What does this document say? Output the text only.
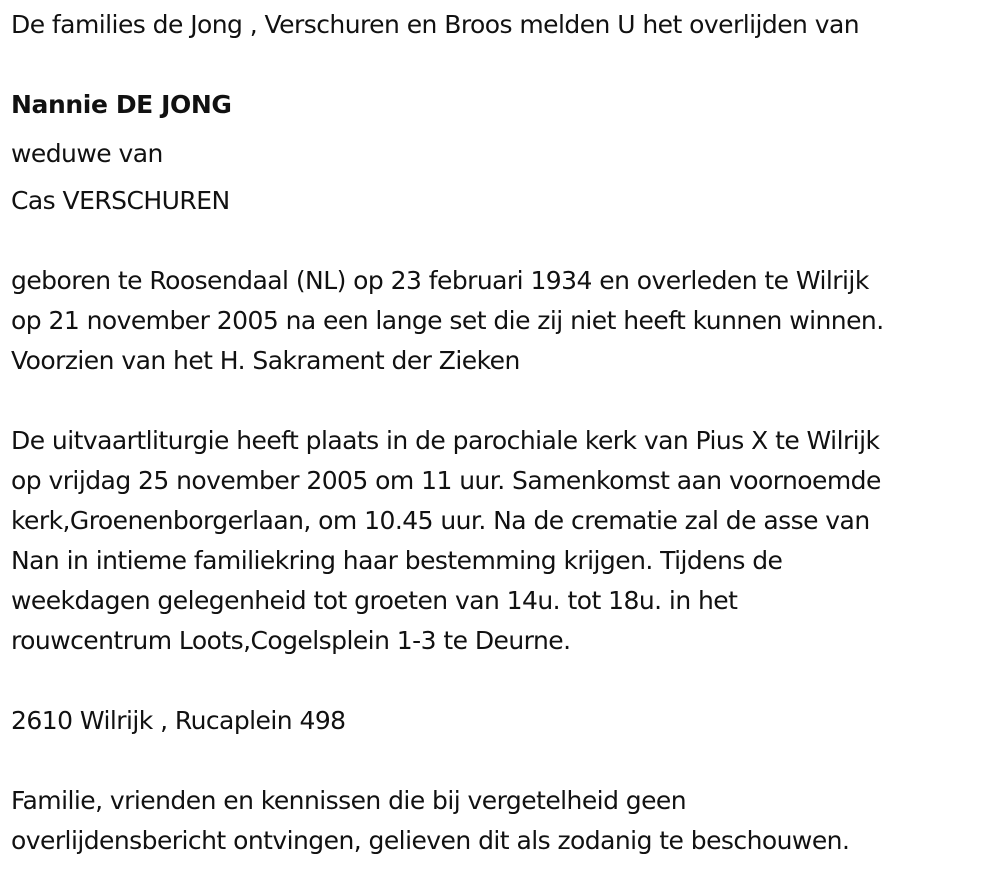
De families de Jong , Verschuren en Broos melden U het overlijden van
Nannie DE JONG
weduwe van
Cas VERSCHUREN
geboren te Roosendaal (NL) op 23 februari 1934 en overleden te Wilrijk
op 21 november 2005 na een lange set die zij niet heeft kunnen winnen.
Voorzien van het H. Sakrament der Zieken
De uitvaartliturgie heeft plaats in de parochiale kerk van Pius X te Wilrijk
op vrijdag 25 november 2005 om 11 uur. Samenkomst aan voornoemde
kerk,Groenenborgerlaan, om 10.45 uur. Na de crematie zal de asse van
Nan in intieme familiekring haar bestemming krijgen. Tijdens de
weekdagen gelegenheid tot groeten van 14u. tot 18u. in het
rouwcentrum Loots,Cogelsplein 1-3 te Deurne.
2610 Wilrijk , Rucaplein 498
Familie, vrienden en kennissen die bij vergetelheid geen
overlijdensbericht ontvingen, gelieven dit als zodanig te beschouwen.
